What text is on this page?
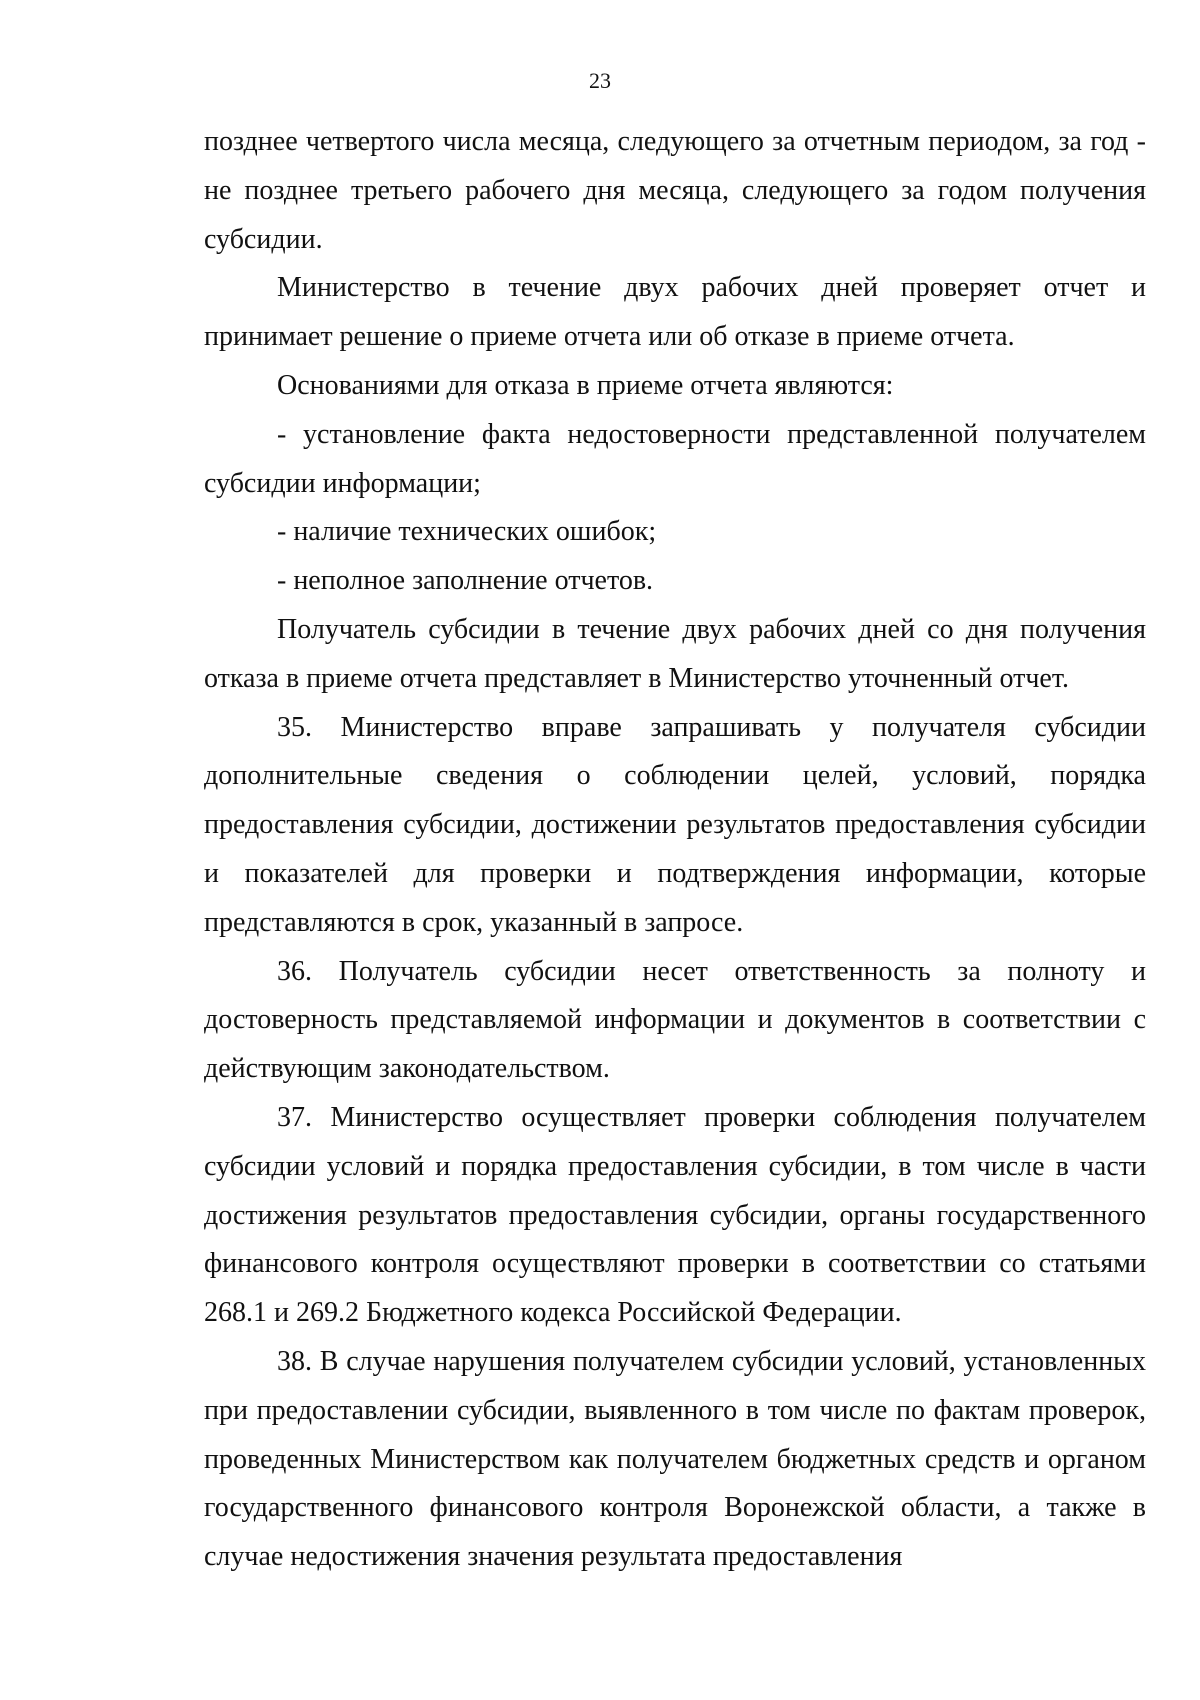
23

позднее четвертого числа месяца, следующего за отчетным периодом, за год - не позднее третьего рабочего дня месяца, следующего за годом получения субсидии.

Министерство в течение двух рабочих дней проверяет отчет и принимает решение о приеме отчета или об отказе в приеме отчета.

Основаниями для отказа в приеме отчета являются:

- установление факта недостоверности представленной получателем субсидии информации;

- наличие технических ошибок;

- неполное заполнение отчетов.

Получатель субсидии в течение двух рабочих дней со дня получения отказа в приеме отчета представляет в Министерство уточненный отчет.

35. Министерство вправе запрашивать у получателя субсидии дополнительные сведения о соблюдении целей, условий, порядка предоставления субсидии, достижении результатов предоставления субсидии и показателей для проверки и подтверждения информации, которые представляются в срок, указанный в запросе.

36. Получатель субсидии несет ответственность за полноту и достоверность представляемой информации и документов в соответствии с действующим законодательством.

37. Министерство осуществляет проверки соблюдения получателем субсидии условий и порядка предоставления субсидии, в том числе в части достижения результатов предоставления субсидии, органы государственного финансового контроля осуществляют проверки в соответствии со статьями 268.1 и 269.2 Бюджетного кодекса Российской Федерации.

38. В случае нарушения получателем субсидии условий, установленных при предоставлении субсидии, выявленного в том числе по фактам проверок, проведенных Министерством как получателем бюджетных средств и органом государственного финансового контроля Воронежской области, а также в случае недостижения значения результата предоставления
